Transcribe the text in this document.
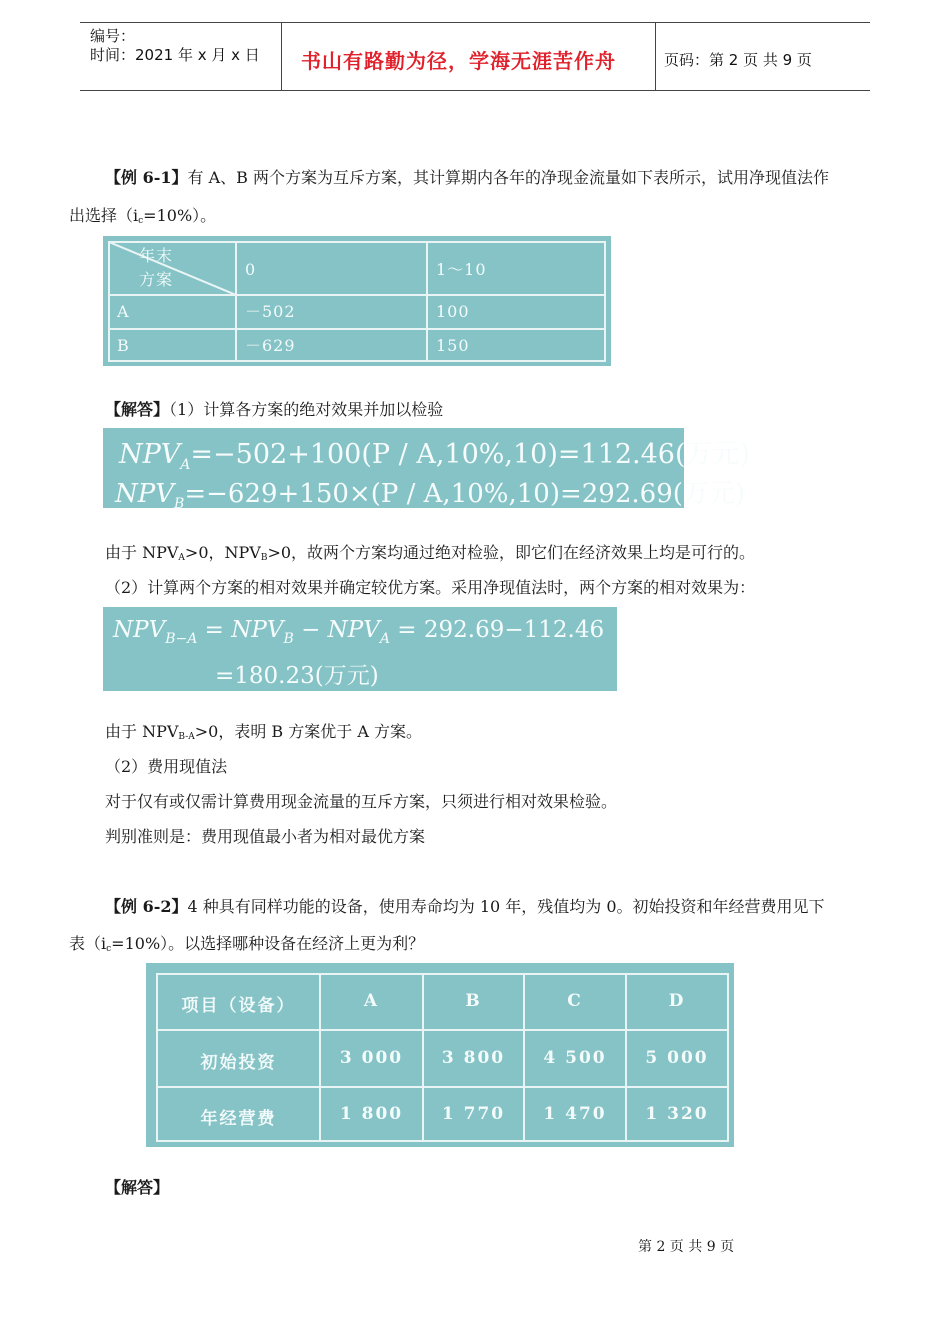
编号：
时间：2021 年 x 月 x 日 书山有路勤为径，学海无涯苦作舟	页码：第 2 页 共 9 页
【例 6-1】有 A、B 两个方案为互斥方案，其计算期内各年的净现金流量如下表所示，试用净现值法作
出选择$(i_c=10\%)$。
年末
方案
0	1～10
A	－502	100
B	－629	150
【解答】（1）计算各方案的绝对效果并加以检验
$NPV_A=-502+100(P / A,10\%,10)=112.46$(万元)
$NPV_B=-629+150\times(P / A,10\%,10)=292.69$(万元)
由于 $NPV_A>0$，$NPV_B>0$，故两个方案均通过绝对检验，即它们在经济效果上均是可行的。
（2）计算两个方案的相对效果并确定较优方案。采用净现值法时，两个方案的相对效果为：
$NPV_{B-A} = NPV_B - NPV_A = 292.69-112.46$
=180.23(万元)
由于 $NPV_{B-A}>0$，表明 B 方案优于 A 方案。
（2）费用现值法
对于仅有或仅需计算费用现金流量的互斥方案，只须进行相对效果检验。
判别准则是：费用现值最小者为相对最优方案
【例 6-2】4 种具有同样功能的设备，使用寿命均为 10 年，残值均为 0。初始投资和年经营费用见下
表$(i_c=10\%)$。以选择哪种设备在经济上更为利？
项目（设备）	A	B	C	D
初始投资	3 000	3 800	4 500	5 000
年经营费	1 800	1 770	1 470	1 320
【解答】
第 2 页 共 9 页
